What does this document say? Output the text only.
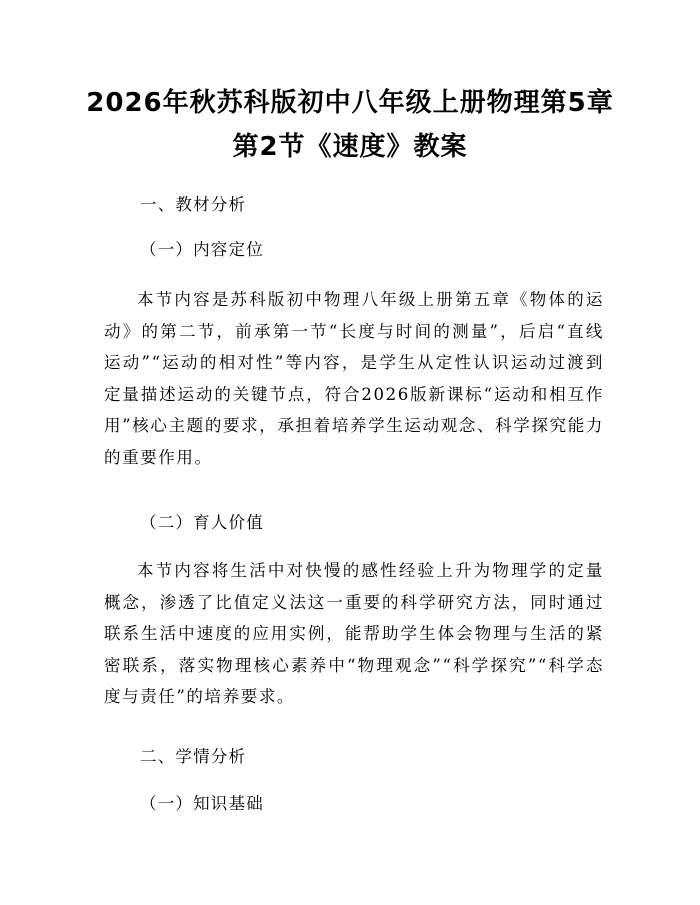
2026年秋苏科版初中八年级上册物理第5章
第2节《速度》教案

一、教材分析

（一）内容定位

本节内容是苏科版初中物理八年级上册第五章《物体的运动》的第二节，前承第一节“长度与时间的测量”，后启“直线运动”“运动的相对性”等内容，是学生从定性认识运动过渡到定量描述运动的关键节点，符合2026版新课标“运动和相互作用”核心主题的要求，承担着培养学生运动观念、科学探究能力的重要作用。

（二）育人价值

本节内容将生活中对快慢的感性经验上升为物理学的定量概念，渗透了比值定义法这一重要的科学研究方法，同时通过联系生活中速度的应用实例，能帮助学生体会物理与生活的紧密联系，落实物理核心素养中“物理观念”“科学探究”“科学态度与责任”的培养要求。

二、学情分析

（一）知识基础
